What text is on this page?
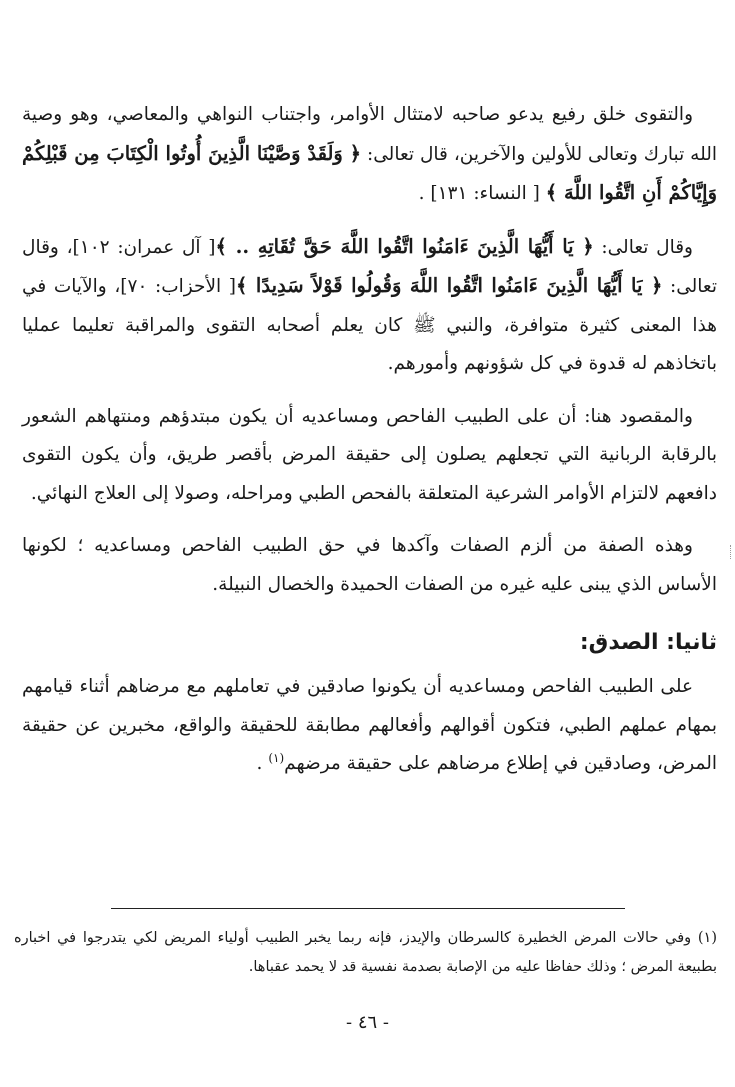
والتقوى خلق رفيع يدعو صاحبه لامتثال الأوامر، واجتناب النواهي والمعاصي، وهو وصية الله تبارك وتعالى للأولين والآخرين، قال تعالى: ﴿ وَلَقَدْ وَصَّيْنَا الَّذِينَ أُوتُوا الْكِتَابَ مِن قَبْلِكُمْ وَإِيَّاكُمْ أَنِ اتَّقُوا اللَّهَ ﴾ [ النساء: ١٣١] .

وقال تعالى: ﴿ يَا أَيُّهَا الَّذِينَ ءَامَنُوا اتَّقُوا اللَّهَ حَقَّ تُقَاتِهِ .. ﴾[ آل عمران: ١٠٢]، وقال تعالى: ﴿ يَا أَيُّهَا الَّذِينَ ءَامَنُوا اتَّقُوا اللَّهَ وَقُولُوا قَوْلاً سَدِيدًا ﴾[ الأحزاب: ٧٠]، والآيات في هذا المعنى كثيرة متوافرة، والنبي ﷺ كان يعلم أصحابه التقوى والمراقبة تعليما عمليا باتخاذهم له قدوة في كل شؤونهم وأمورهم.

والمقصود هنا: أن على الطبيب الفاحص ومساعديه أن يكون مبتدؤهم ومنتهاهم الشعور بالرقابة الربانية التي تجعلهم يصلون إلى حقيقة المرض بأقصر طريق، وأن يكون التقوى دافعهم لالتزام الأوامر الشرعية المتعلقة بالفحص الطبي ومراحله، وصولا إلى العلاج النهائي.

وهذه الصفة من ألزم الصفات وآكدها في حق الطبيب الفاحص ومساعديه ؛ لكونها الأساس الذي يبنى عليه غيره من الصفات الحميدة والخصال النبيلة.

ثانيا: الصدق:

على الطبيب الفاحص ومساعديه أن يكونوا صادقين في تعاملهم مع مرضاهم أثناء قيامهم بمهام عملهم الطبي، فتكون أقوالهم وأفعالهم مطابقة للحقيقة والواقع، مخبرين عن حقيقة المرض، وصادقين في إطلاع مرضاهم على حقيقة مرضهم$^{(١)}$ .

(١) وفي حالات المرض الخطيرة كالسرطان والإيدز، فإنه ربما يخبر الطبيب أولياء المريض لكي يتدرجوا في اخباره بطبيعة المرض ؛ وذلك حفاظا عليه من الإصابة بصدمة نفسية قد لا يحمد عقباها.
- ٤٦ -
